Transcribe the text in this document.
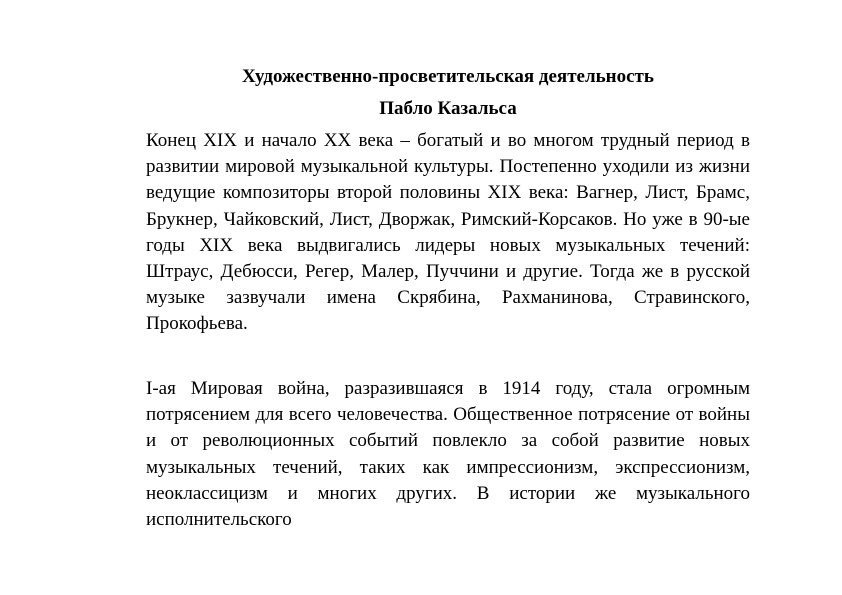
Художественно-просветительская деятельность
Пабло Казальса

Конец XIX и начало XX века – богатый и во многом трудный период в развитии мировой музыкальной культуры. Постепенно уходили из жизни ведущие композиторы второй половины XIX века: Вагнер, Лист, Брамс, Брукнер, Чайковский, Лист, Дворжак, Римский-Корсаков. Но уже в 90-ые годы XIX века выдвигались лидеры новых музыкальных течений: Штраус, Дебюсси, Регер, Малер, Пуччини и другие. Тогда же в русской музыке зазвучали имена Скрябина, Рахманинова, Стравинского, Прокофьева.

I-ая Мировая война, разразившаяся в 1914 году, стала огромным потрясением для всего человечества. Общественное потрясение от войны и от революционных событий повлекло за собой развитие новых музыкальных течений, таких как импрессионизм, экспрессионизм, неоклассицизм и многих других. В истории же музыкального исполнительского
